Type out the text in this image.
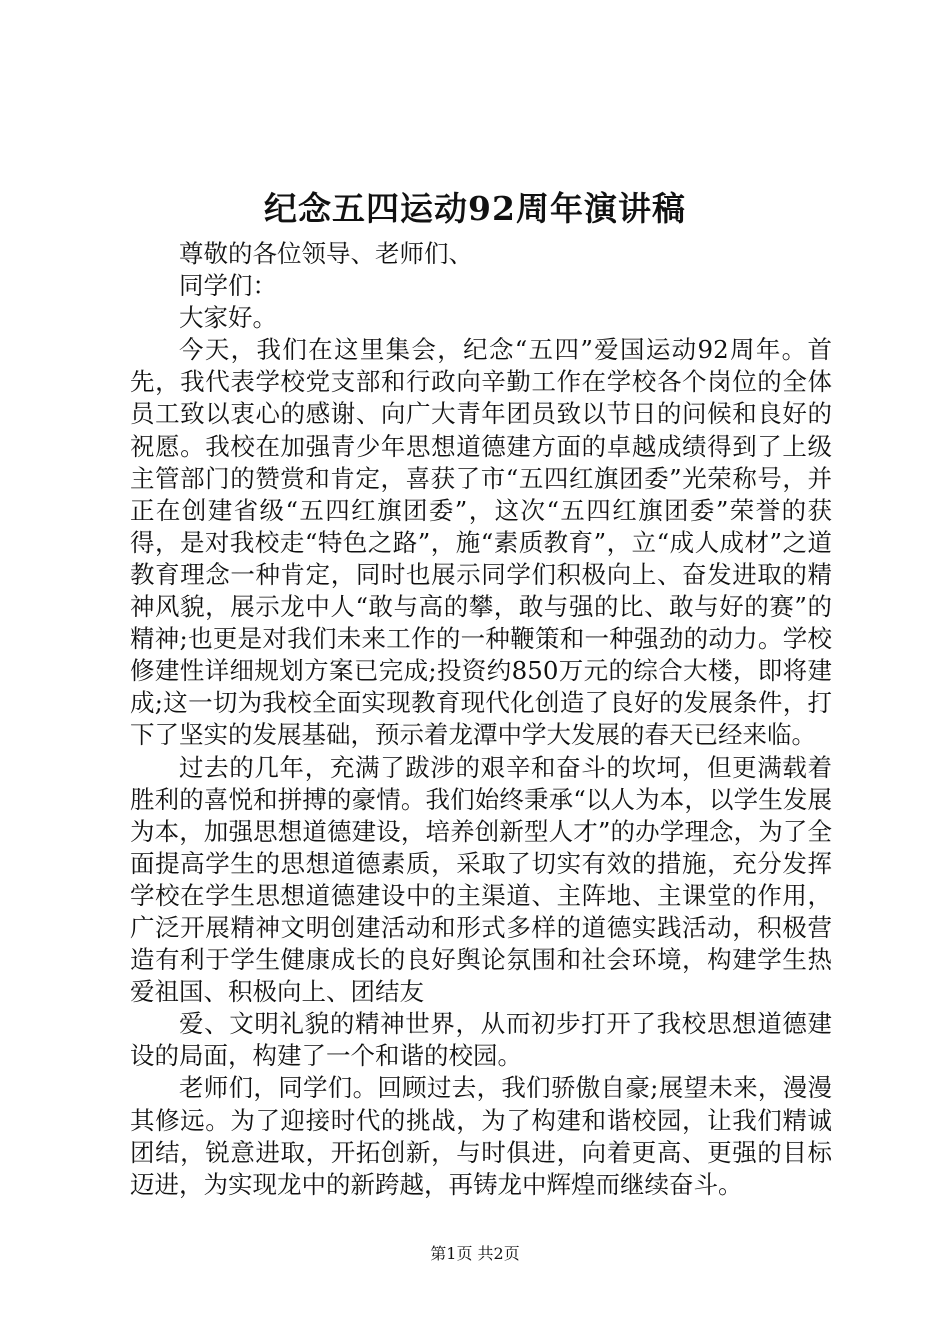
纪念五四运动92周年演讲稿

尊敬的各位领导、老师们、

同学们：

大家好。

今天，我们在这里集会，纪念“五四”爱国运动92周年。首先，我代表学校党支部和行政向辛勤工作在学校各个岗位的全体员工致以衷心的感谢、向广大青年团员致以节日的问候和良好的祝愿。我校在加强青少年思想道德建方面的卓越成绩得到了上级主管部门的赞赏和肯定，喜获了市“五四红旗团委”光荣称号，并正在创建省级“五四红旗团委”，这次“五四红旗团委”荣誉的获得，是对我校走“特色之路”，施“素质教育”，立“成人成材”之道教育理念一种肯定，同时也展示同学们积极向上、奋发进取的精神风貌，展示龙中人“敢与高的攀，敢与强的比、敢与好的赛”的精神;也更是对我们未来工作的一种鞭策和一种强劲的动力。学校修建性详细规划方案已完成;投资约850万元的综合大楼，即将建成;这一切为我校全面实现教育现代化创造了良好的发展条件，打下了坚实的发展基础，预示着龙潭中学大发展的春天已经来临。

过去的几年，充满了跋涉的艰辛和奋斗的坎坷，但更满载着胜利的喜悦和拼搏的豪情。我们始终秉承“以人为本，以学生发展为本，加强思想道德建设，培养创新型人才”的办学理念，为了全面提高学生的思想道德素质，采取了切实有效的措施，充分发挥学校在学生思想道德建设中的主渠道、主阵地、主课堂的作用，广泛开展精神文明创建活动和形式多样的道德实践活动，积极营造有利于学生健康成长的良好舆论氛围和社会环境，构建学生热爱祖国、积极向上、团结友

爱、文明礼貌的精神世界，从而初步打开了我校思想道德建设的局面，构建了一个和谐的校园。

老师们，同学们。回顾过去，我们骄傲自豪;展望未来，漫漫其修远。为了迎接时代的挑战，为了构建和谐校园，让我们精诚团结，锐意进取，开拓创新，与时俱进，向着更高、更强的目标迈进，为实现龙中的新跨越，再铸龙中辉煌而继续奋斗。

第1页 共2页
